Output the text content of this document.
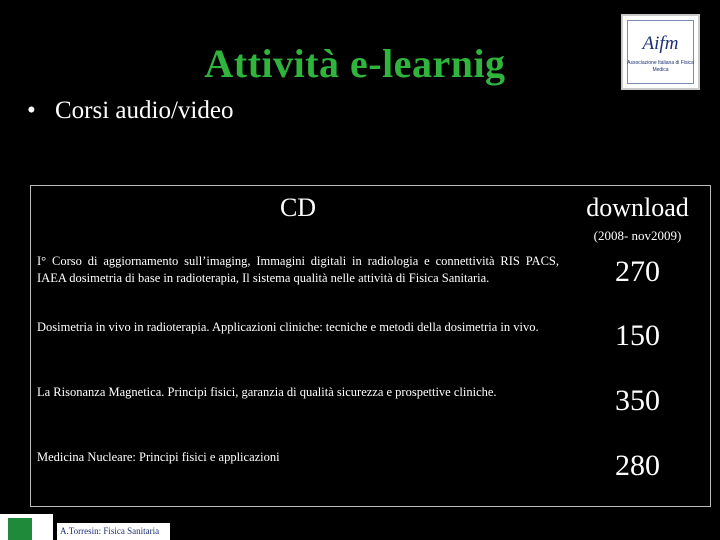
Attività e-learnig	Aifm
Associazione Italiana di Fisica Medica
• Corsi audio/video
CD	download
(2008- nov2009)
I° Corso di aggiornamento sull’imaging, Immagini digitali in radiologia e connettività RIS PACS, IAEA dosimetria di base in radioterapia, Il sistema qualità nelle attività di Fisica Sanitaria.	270
Dosimetria in vivo in radioterapia. Applicazioni cliniche: tecniche e metodi della dosimetria in vivo.	150
La Risonanza Magnetica. Principi fisici, garanzia di qualità sicurezza e prospettive cliniche.	350
Medicina Nucleare: Principi fisici e applicazioni	280
A.Torresin: Fisica Sanitaria
